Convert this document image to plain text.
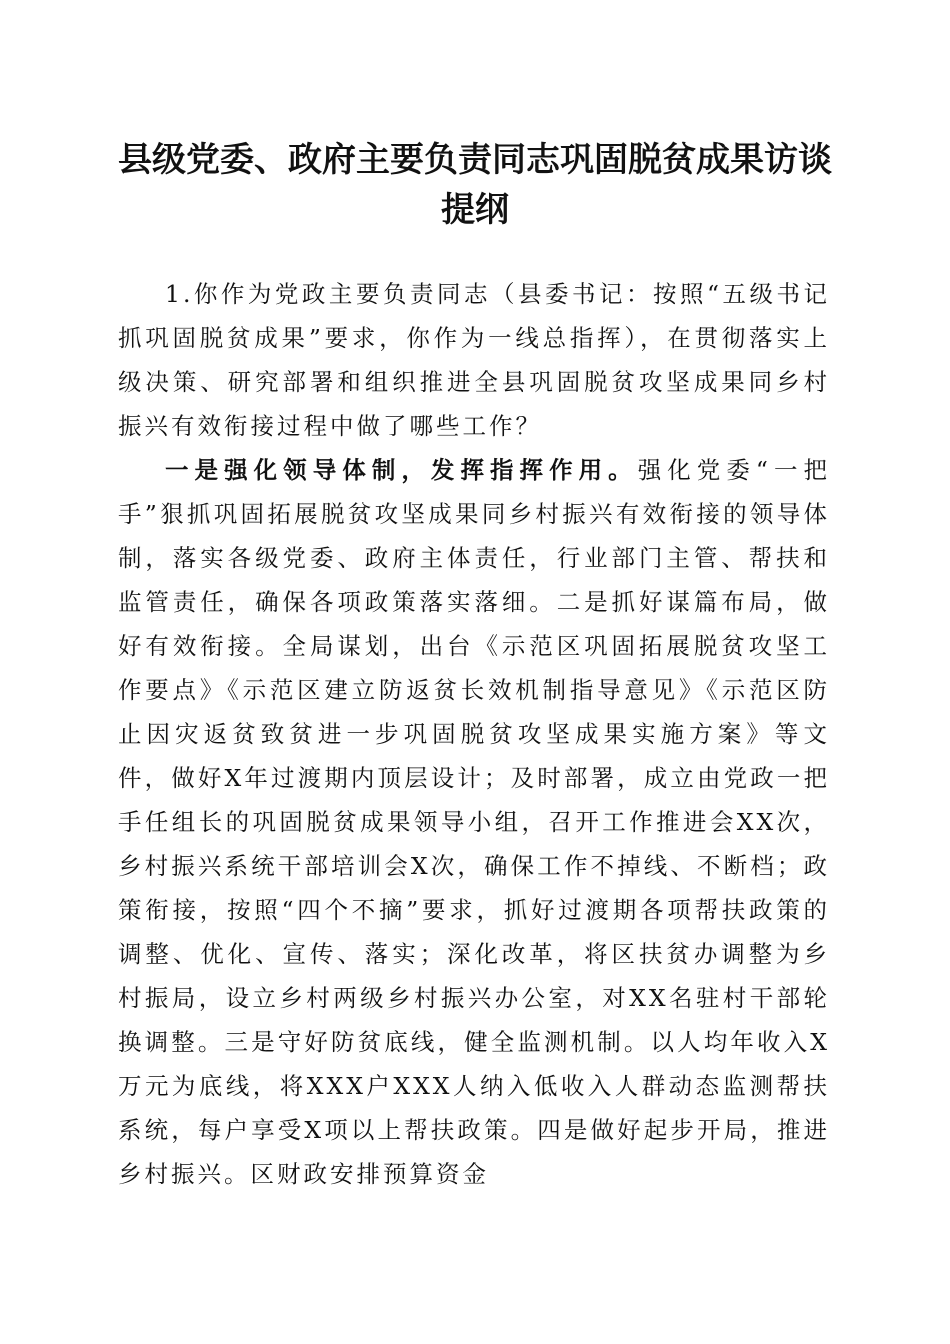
县级党委、政府主要负责同志巩固脱贫成果访谈提纲

1.你作为党政主要负责同志（县委书记：按照“五级书记抓巩固脱贫成果”要求，你作为一线总指挥），在贯彻落实上级决策、研究部署和组织推进全县巩固脱贫攻坚成果同乡村振兴有效衔接过程中做了哪些工作？

一是强化领导体制，发挥指挥作用。强化党委“一把手”狠抓巩固拓展脱贫攻坚成果同乡村振兴有效衔接的领导体制，落实各级党委、政府主体责任，行业部门主管、帮扶和监管责任，确保各项政策落实落细。二是抓好谋篇布局，做好有效衔接。全局谋划，出台《示范区巩固拓展脱贫攻坚工作要点》《示范区建立防返贫长效机制指导意见》《示范区防止因灾返贫致贫进一步巩固脱贫攻坚成果实施方案》等文件，做好X年过渡期内顶层设计；及时部署，成立由党政一把手任组长的巩固脱贫成果领导小组，召开工作推进会XX次，乡村振兴系统干部培训会X次，确保工作不掉线、不断档；政策衔接，按照“四个不摘”要求，抓好过渡期各项帮扶政策的调整、优化、宣传、落实；深化改革，将区扶贫办调整为乡村振局，设立乡村两级乡村振兴办公室，对XX名驻村干部轮换调整。三是守好防贫底线，健全监测机制。以人均年收入X万元为底线，将XXX户XXX人纳入低收入人群动态监测帮扶系统，每户享受X项以上帮扶政策。四是做好起步开局，推进乡村振兴。区财政安排预算资金
